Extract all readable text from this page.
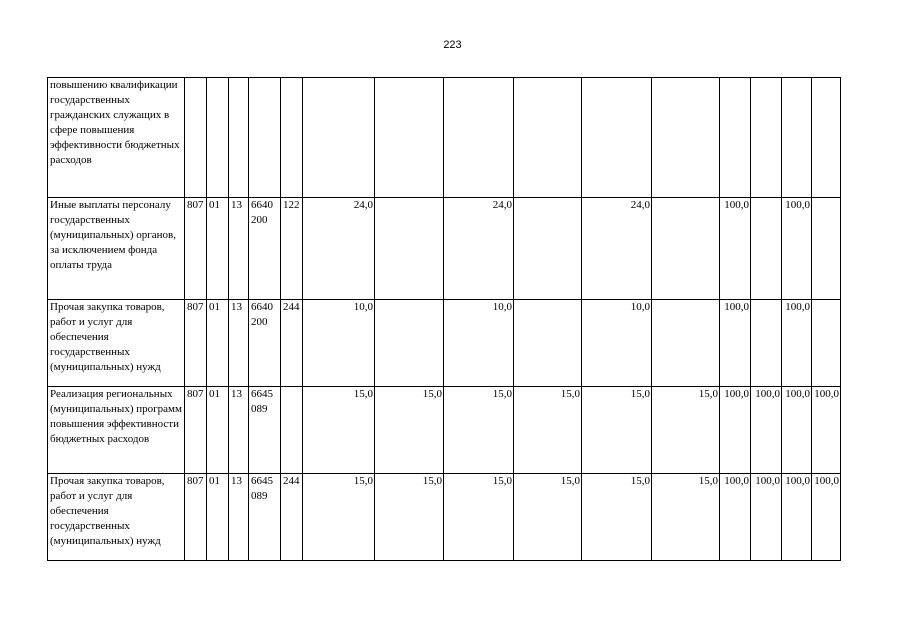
223
повышению квалификации государственных гражданских служащих в сфере повышения эффективности бюджетных расходов															
Иные выплаты персоналу государственных (муниципальных) органов, за исключением фонда оплаты труда	807	01	13	6640 200	122	24,0		24,0		24,0		100,0		100,0	
Прочая закупка товаров, работ и услуг для обеспечения государственных (муниципальных) нужд	807	01	13	6640 200	244	10,0		10,0		10,0		100,0		100,0	
Реализация региональных (муниципальных) программ повышения эффективности бюджетных расходов	807	01	13	6645 089		15,0	15,0	15,0	15,0	15,0	15,0	100,0	100,0	100,0	100,0
Прочая закупка товаров, работ и услуг для обеспечения государственных (муниципальных) нужд	807	01	13	6645 089	244	15,0	15,0	15,0	15,0	15,0	15,0	100,0	100,0	100,0	100,0
